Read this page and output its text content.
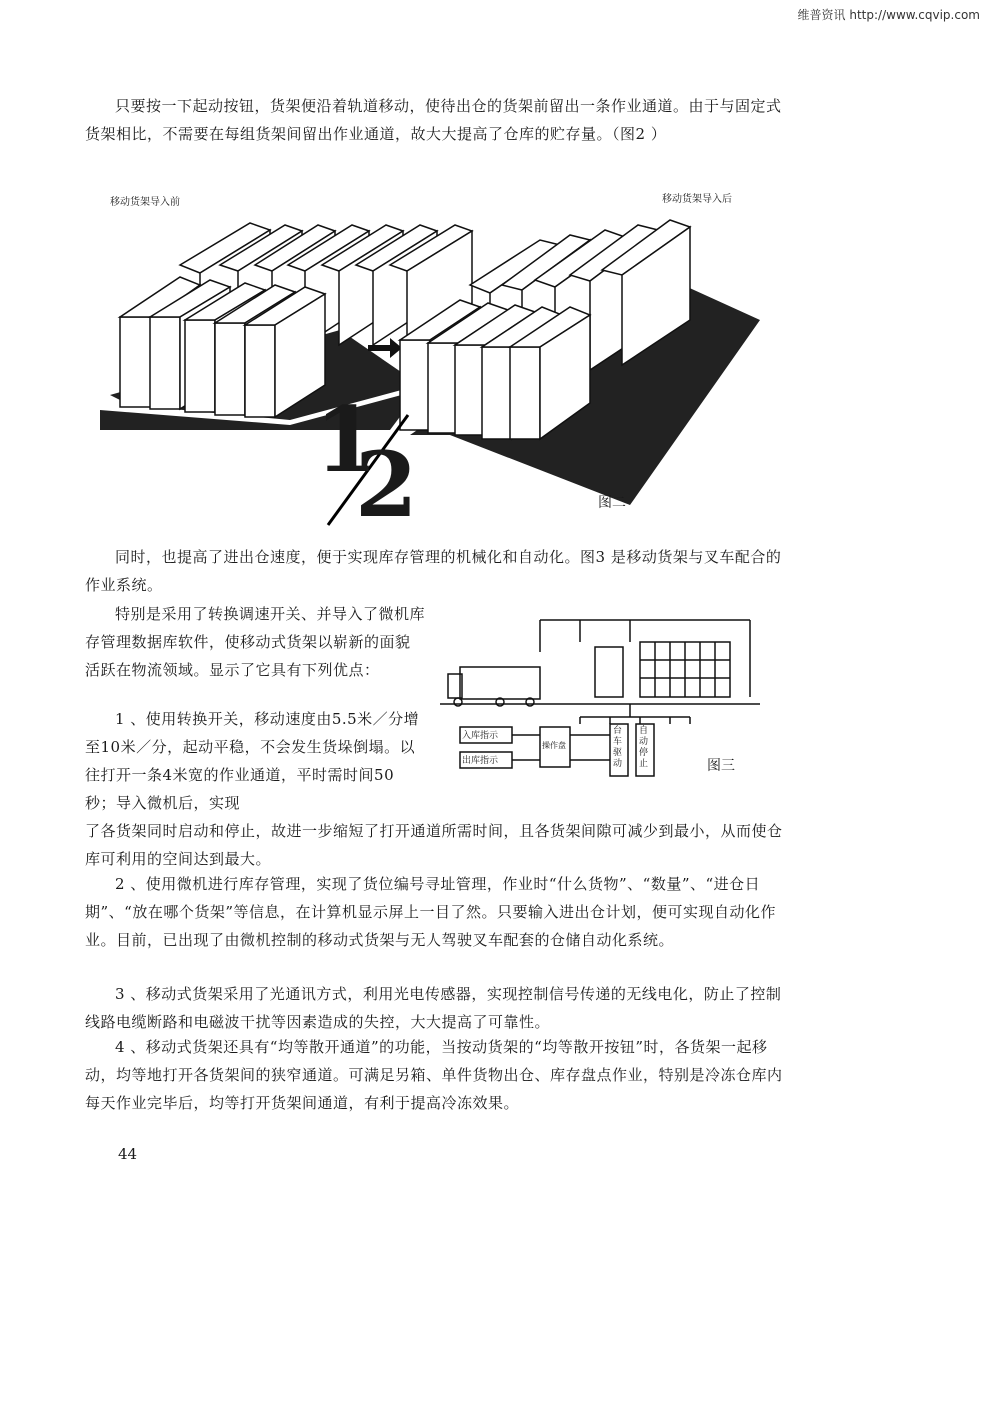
维普资讯 http://www.cqvip.com

只要按一下起动按钮，货架便沿着轨道移动，使待出仓的货架前留出一条作业通道。由于与固定式货架相比，不需要在每组货架间留出作业通道，故大大提高了仓库的贮存量。（图2 ）

移动货架导入前	移动货架导入后
1
2	图二

同时，也提高了进出仓速度，便于实现库存管理的机械化和自动化。图3 是移动货架与叉车配合的作业系统。

特别是采用了转换调速开关、并导入了微机库存管理数据库软件，使移动式货架以崭新的面貌活跃在物流领域。显示了它具有下列优点：

1 、使用转换开关，移动速度由5.5米／分增至10米／分，起动平稳，不会发生货垛倒塌。以往打开一条4米宽的作业通道，平时需时间50秒；导入微机后，实现

入库指示
出库指示
操作盘
台车驱动
自动停止	图三

了各货架同时启动和停止，故进一步缩短了打开通道所需时间，且各货架间隙可减少到最小，从而使仓库可利用的空间达到最大。

2 、使用微机进行库存管理，实现了货位编号寻址管理，作业时“什么货物”、“数量”、“进仓日期”、“放在哪个货架”等信息，在计算机显示屏上一目了然。只要输入进出仓计划，便可实现自动化作业。目前，已出现了由微机控制的移动式货架与无人驾驶叉车配套的仓储自动化系统。

3 、移动式货架采用了光通讯方式，利用光电传感器，实现控制信号传递的无线电化，防止了控制线路电缆断路和电磁波干扰等因素造成的失控，大大提高了可靠性。

4 、移动式货架还具有“均等散开通道”的功能，当按动货架的“均等散开按钮”时，各货架一起移动，均等地打开各货架间的狭窄通道。可满足另箱、单件货物出仓、库存盘点作业，特别是冷冻仓库内每天作业完毕后，均等打开货架间通道，有利于提高冷冻效果。

44
